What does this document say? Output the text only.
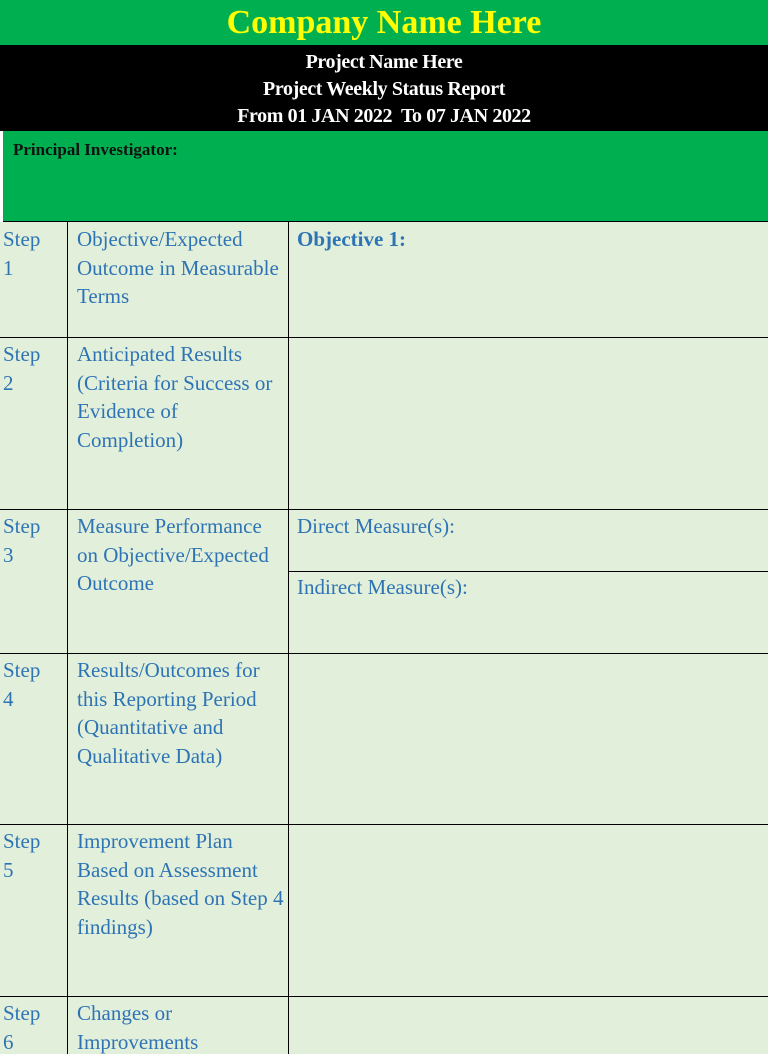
Company Name Here
Project Name Here
Project Weekly Status Report
From 01 JAN 2022  To 07 JAN 2022
Principal Investigator:
Step
1
Objective/Expected Outcome in Measurable Terms
Objective 1:
Step
2
Anticipated Results (Criteria for Success or Evidence of Completion)
Step
3
Measure Performance on Objective/Expected Outcome
Direct Measure(s):
Indirect Measure(s):
Step
4
Results/Outcomes for this Reporting Period (Quantitative and Qualitative Data)
Step
5
Improvement Plan Based on Assessment Results (based on Step 4 findings)
Step
6
Changes or Improvements
